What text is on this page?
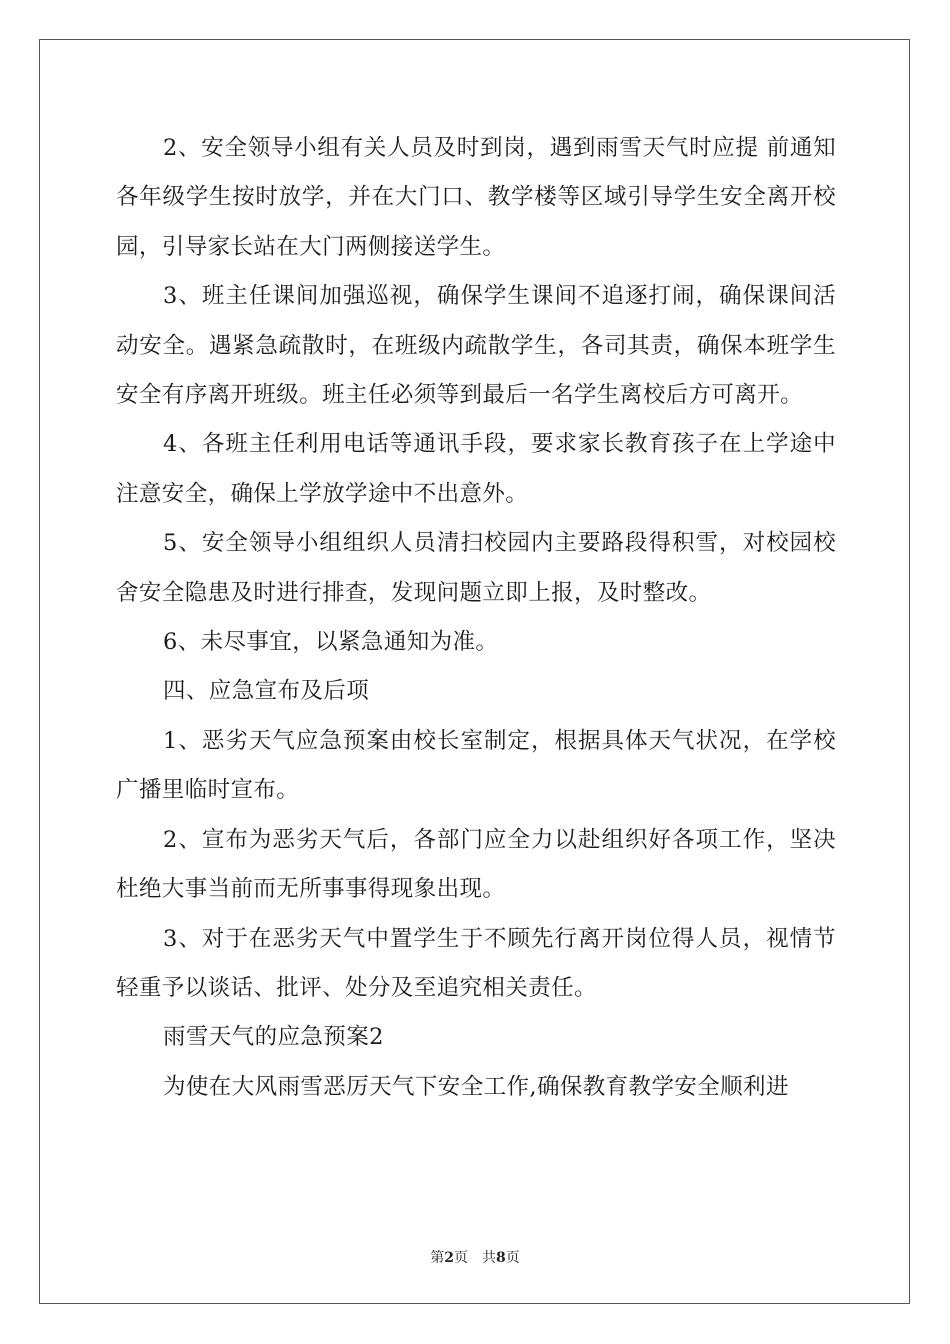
2、安全领导小组有关人员及时到岗，遇到雨雪天气时应提 前通知各年级学生按时放学，并在大门口、教学楼等区域引导学生安全离开校园，引导家长站在大门两侧接送学生。

3、班主任课间加强巡视，确保学生课间不追逐打闹，确保课间活动安全。遇紧急疏散时，在班级内疏散学生，各司其责，确保本班学生安全有序离开班级。班主任必须等到最后一名学生离校后方可离开。

4、各班主任利用电话等通讯手段，要求家长教育孩子在上学途中注意安全，确保上学放学途中不出意外。

5、安全领导小组组织人员清扫校园内主要路段得积雪，对校园校舍安全隐患及时进行排查，发现问题立即上报，及时整改。

6、未尽事宜，以紧急通知为准。

四、应急宣布及后项

1、恶劣天气应急预案由校长室制定，根据具体天气状况，在学校广播里临时宣布。

2、宣布为恶劣天气后，各部门应全力以赴组织好各项工作，坚决杜绝大事当前而无所事事得现象出现。

3、对于在恶劣天气中置学生于不顾先行离开岗位得人员，视情节轻重予以谈话、批评、处分及至追究相关责任。

雨雪天气的应急预案2

为使在大风雨雪恶厉天气下安全工作,确保教育教学安全顺利进

第2页 共8页
